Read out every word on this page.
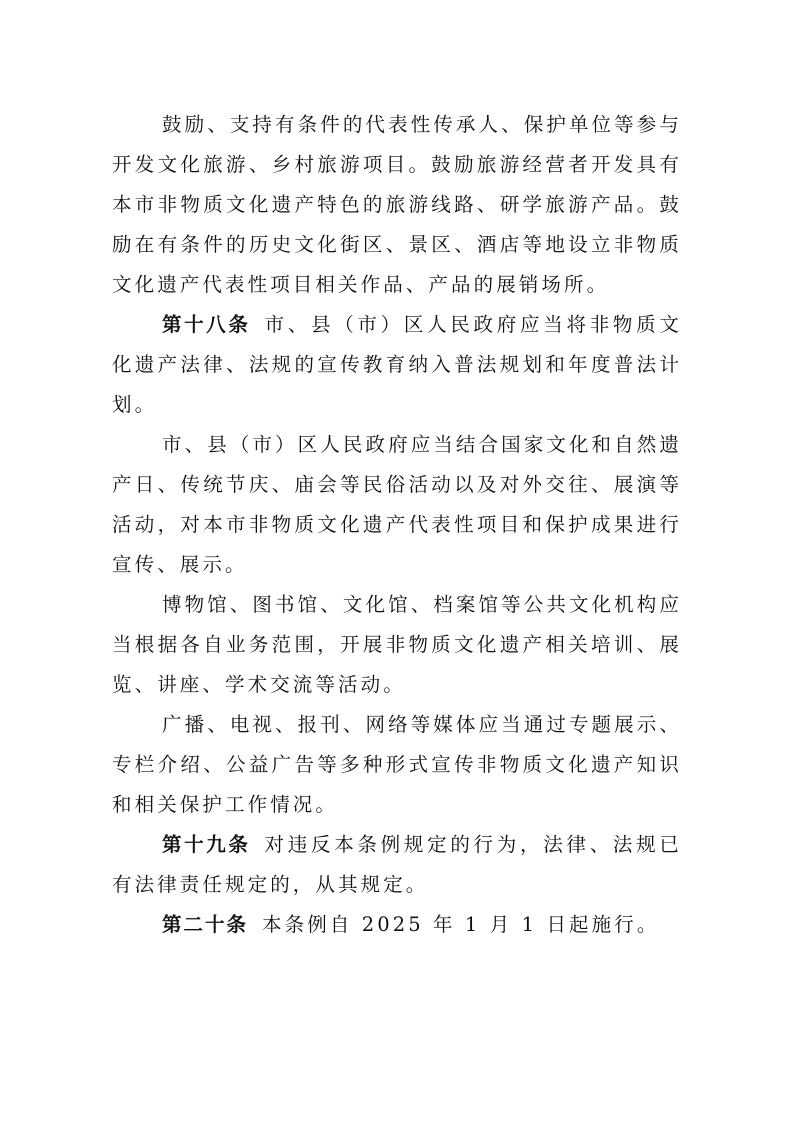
鼓励、支持有条件的代表性传承人、保护单位等参与开发文化旅游、乡村旅游项目。鼓励旅游经营者开发具有本市非物质文化遗产特色的旅游线路、研学旅游产品。鼓励在有条件的历史文化街区、景区、酒店等地设立非物质文化遗产代表性项目相关作品、产品的展销场所。

第十八条 市、县（市）区人民政府应当将非物质文化遗产法律、法规的宣传教育纳入普法规划和年度普法计划。

市、县（市）区人民政府应当结合国家文化和自然遗产日、传统节庆、庙会等民俗活动以及对外交往、展演等活动，对本市非物质文化遗产代表性项目和保护成果进行宣传、展示。

博物馆、图书馆、文化馆、档案馆等公共文化机构应当根据各自业务范围，开展非物质文化遗产相关培训、展览、讲座、学术交流等活动。

广播、电视、报刊、网络等媒体应当通过专题展示、专栏介绍、公益广告等多种形式宣传非物质文化遗产知识和相关保护工作情况。

第十九条 对违反本条例规定的行为，法律、法规已有法律责任规定的，从其规定。

第二十条 本条例自 2025 年 1 月 1 日起施行。
